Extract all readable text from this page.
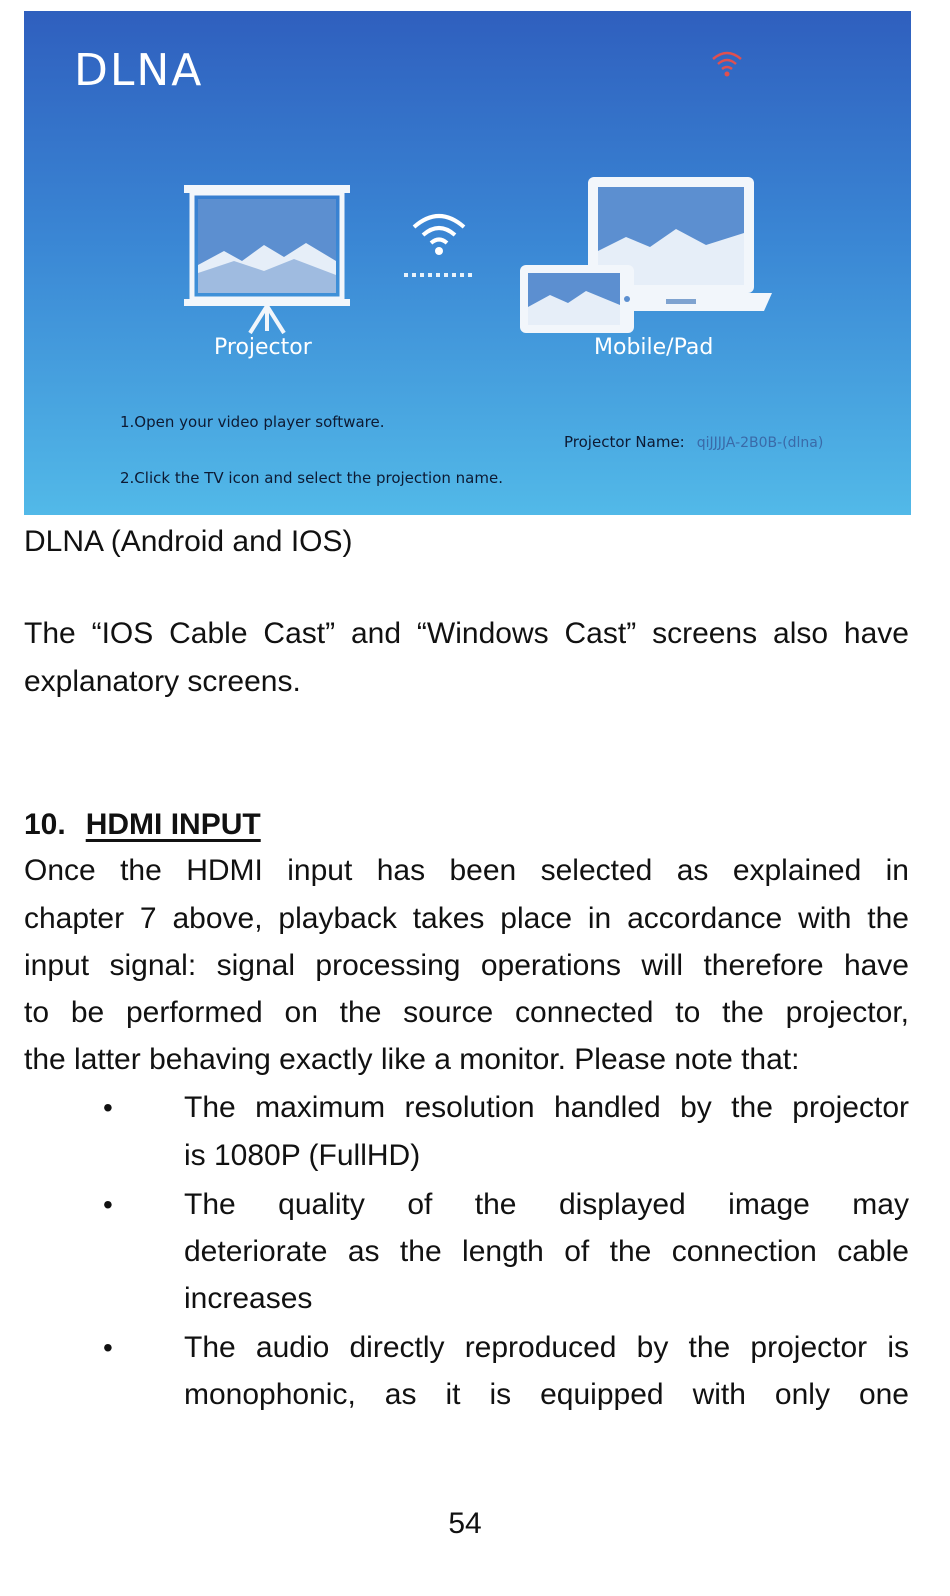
DLNA
Projector	Mobile/Pad
1.Open your video player software.
2.Click the TV icon and select the projection name.
Projector Name: qiJJJJA-2B0B-(dlna)
DLNA (Android and IOS)
The “IOS Cable Cast” and “Windows Cast” screens also have
explanatory screens.
10. HDMI INPUT
Once the HDMI input has been selected as explained in
chapter 7 above, playback takes place in accordance with the
input signal: signal processing operations will therefore have
to be performed on the source connected to the projector,
the latter behaving exactly like a monitor. Please note that:
• The maximum resolution handled by the projector
is 1080P (FullHD)
• The quality of the displayed image may
deteriorate as the length of the connection cable
increases
• The audio directly reproduced by the projector is
monophonic, as it is equipped with only one
54
